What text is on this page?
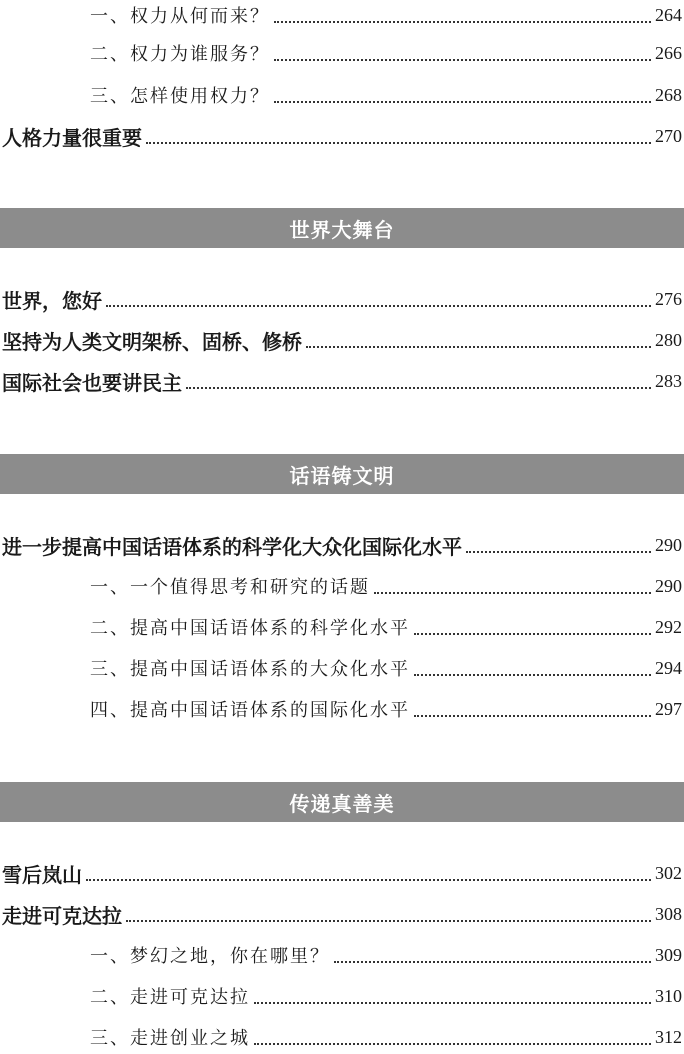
一、权力从何而来？	264
二、权力为谁服务？	266
三、怎样使用权力？	268
人格力量很重要	270
世界大舞台
世界，您好	276
坚持为人类文明架桥、固桥、修桥	280
国际社会也要讲民主	283
话语铸文明
进一步提高中国话语体系的科学化大众化国际化水平	290
一、一个值得思考和研究的话题	290
二、提高中国话语体系的科学化水平	292
三、提高中国话语体系的大众化水平	294
四、提高中国话语体系的国际化水平	297
传递真善美
雪后岚山	302
走进可克达拉	308
一、梦幻之地，你在哪里？	309
二、走进可克达拉	310
三、走进创业之城	312
